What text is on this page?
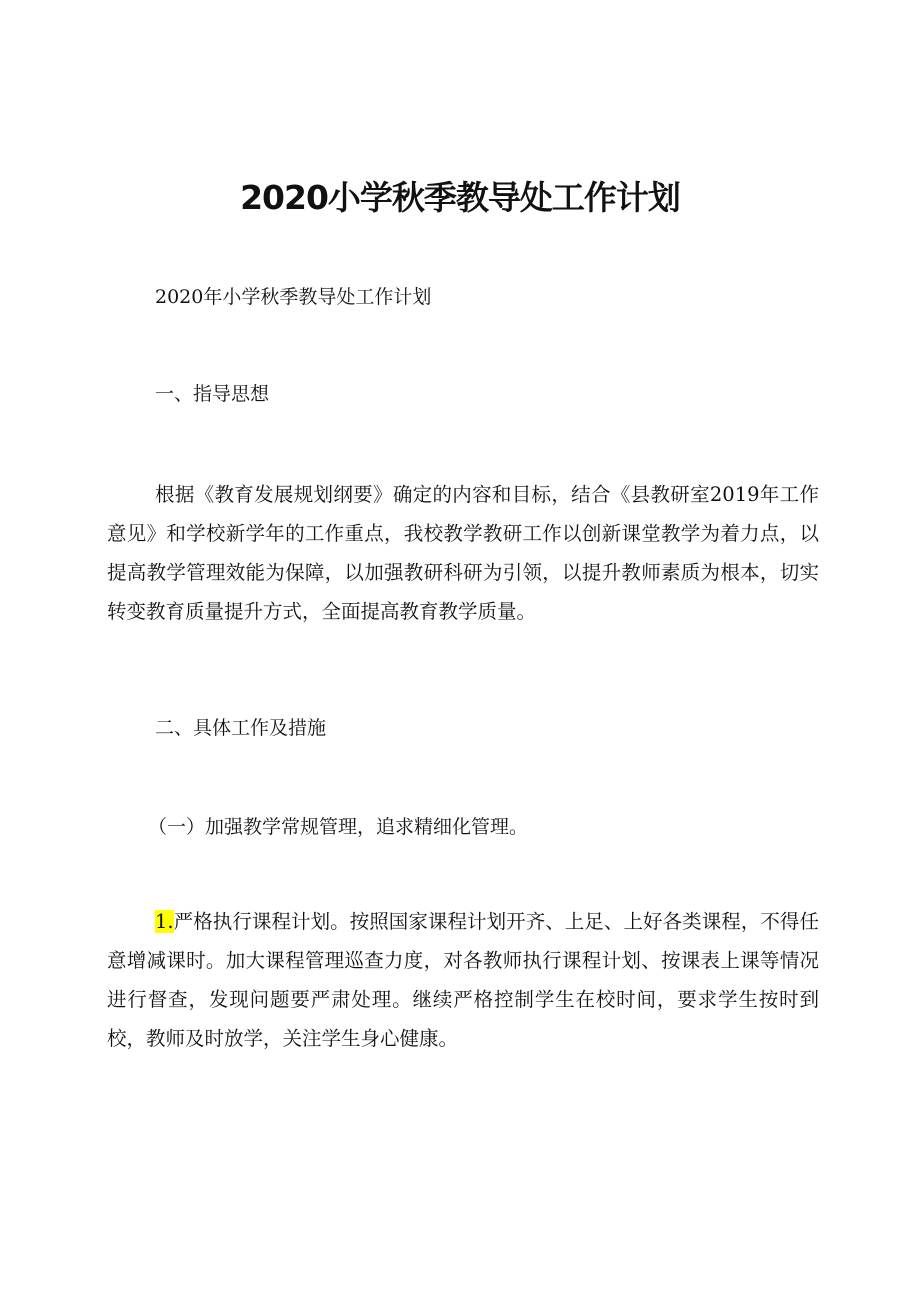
2020小学秋季教导处工作计划

2020年小学秋季教导处工作计划

一、指导思想

根据《教育发展规划纲要》确定的内容和目标，结合《县教研室2019年工作意见》和学校新学年的工作重点，我校教学教研工作以创新课堂教学为着力点，以提高教学管理效能为保障，以加强教研科研为引领，以提升教师素质为根本，切实转变教育质量提升方式，全面提高教育教学质量。

二、具体工作及措施

（一）加强教学常规管理，追求精细化管理。

1.严格执行课程计划。按照国家课程计划开齐、上足、上好各类课程，不得任意增减课时。加大课程管理巡查力度，对各教师执行课程计划、按课表上课等情况进行督查，发现问题要严肃处理。继续严格控制学生在校时间，要求学生按时到校，教师及时放学，关注学生身心健康。
